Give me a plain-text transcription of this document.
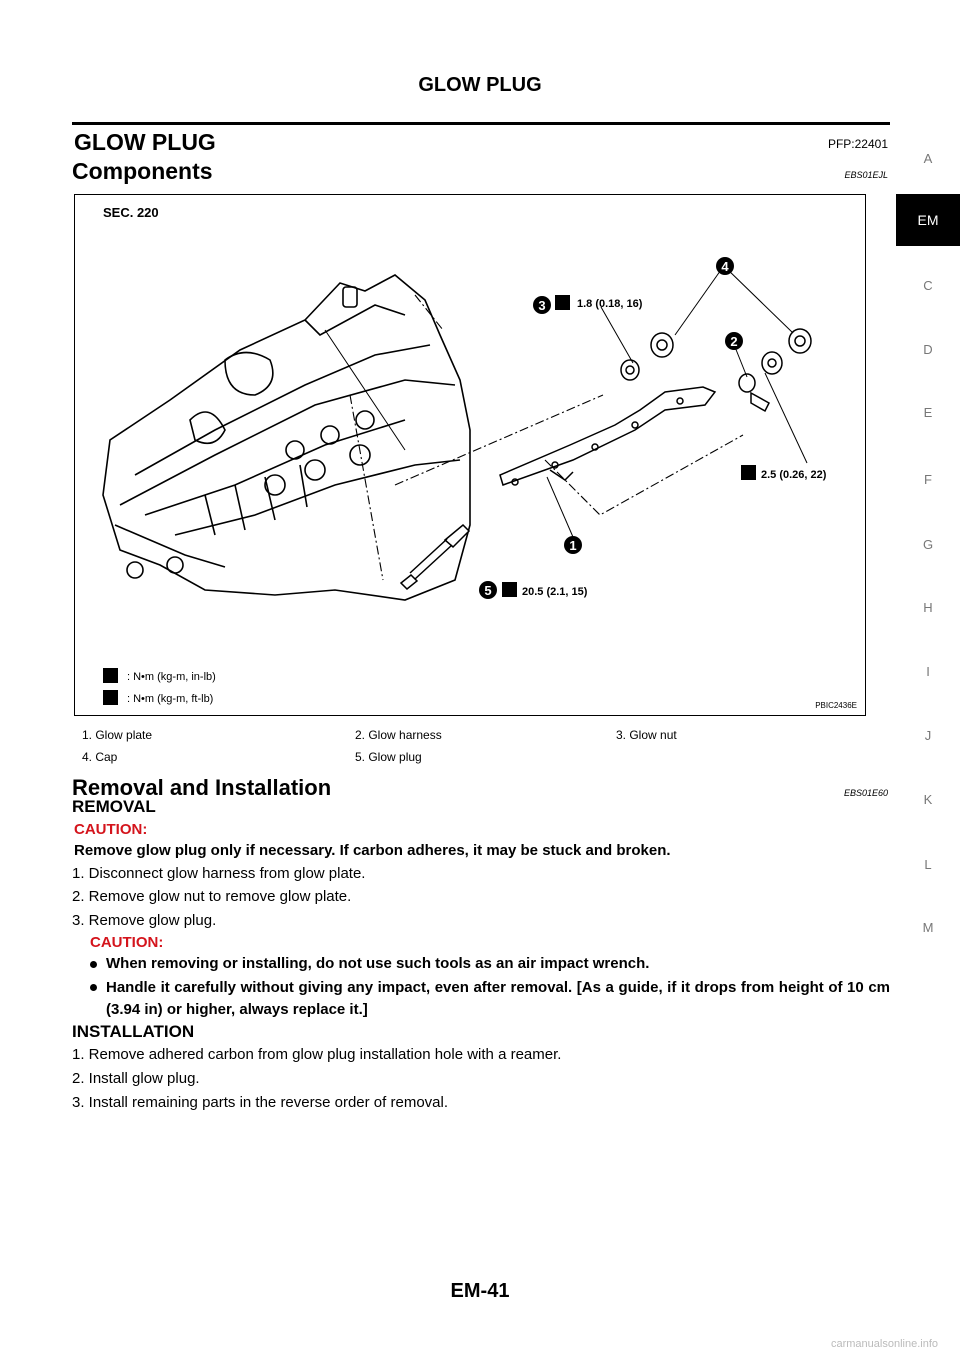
GLOW PLUG
GLOW PLUG	PFP:22401
Components	EBS01EJL
1
2
3
4
5
SEC. 220
1.8 (0.18, 16)
2.5 (0.26, 22)
20.5 (2.1, 15)
: N•m (kg-m, in-lb)
: N•m (kg-m, ft-lb)
PBIC2436E
1. Glow plate	2. Glow harness	3. Glow nut
4. Cap	5. Glow plug
Removal and Installation	EBS01E60
REMOVAL
CAUTION:
Remove glow plug only if necessary. If carbon adheres, it may be stuck and broken.
1. Disconnect glow harness from glow plate.
2. Remove glow nut to remove glow plate.
3. Remove glow plug.
CAUTION:
When removing or installing, do not use such tools as an air impact wrench.
Handle it carefully without giving any impact, even after removal. [As a guide, if it drops from height of 10 cm (3.94 in) or higher, always replace it.]
INSTALLATION
1. Remove adhered carbon from glow plug installation hole with a reamer.
2. Install glow plug.
3. Install remaining parts in the reverse order of removal.
A
EM
C
D
E
F
G
H
I
J
K
L
M
EM-41
carmanualsonline.info
